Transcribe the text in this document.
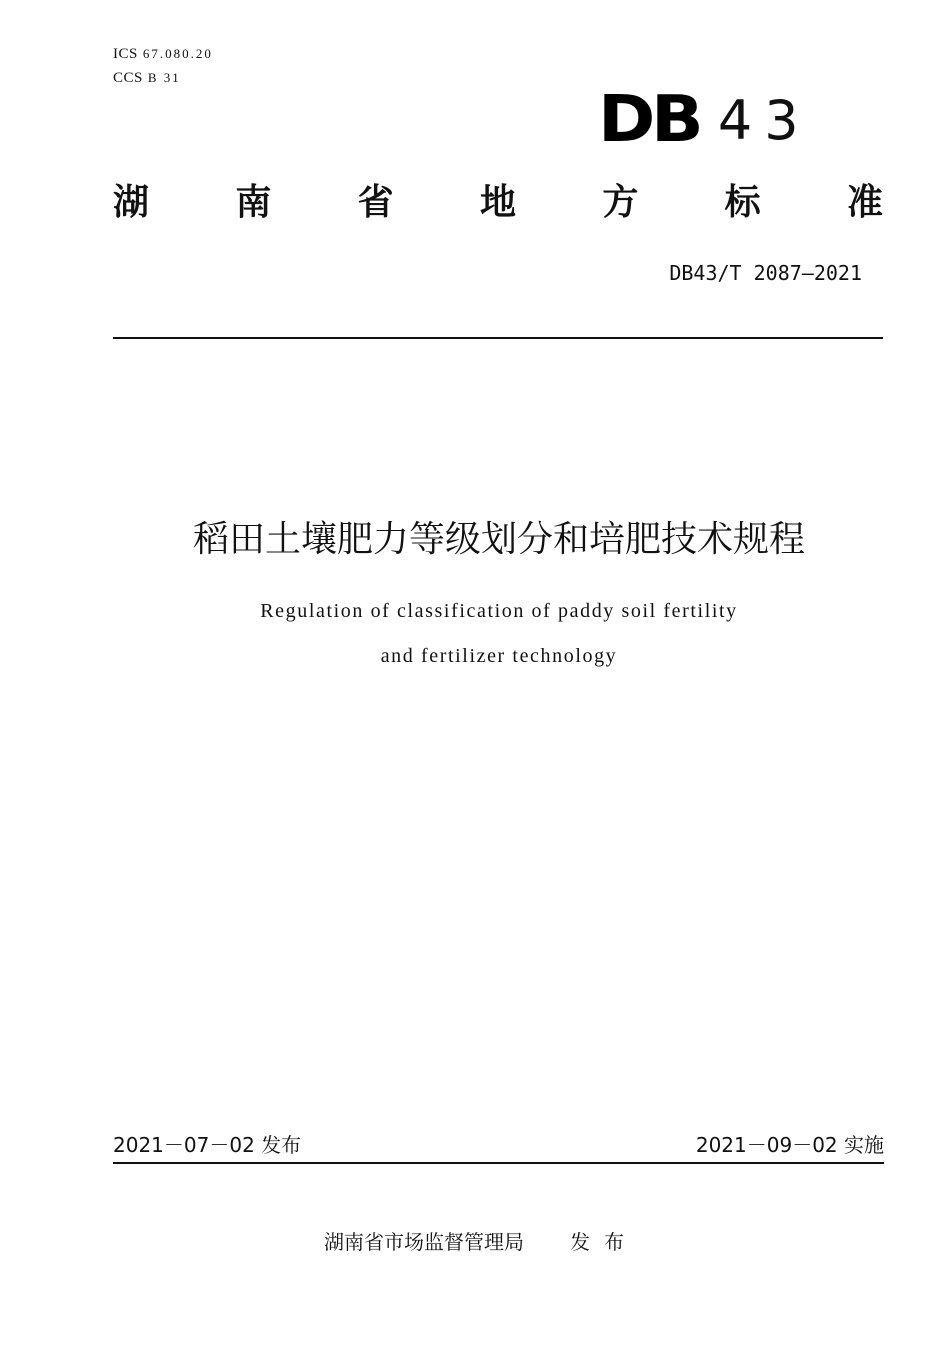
ICS 67.080.20
CCS B 31
DB 43
湖 南 省 地 方 标 准
DB43/T 2087—2021
稻田土壤肥力等级划分和培肥技术规程
Regulation of classification of paddy soil fertility
and fertilizer technology
2021－07－02 发布	2021－09－02 实施
湖南省市场监督管理局 发布
